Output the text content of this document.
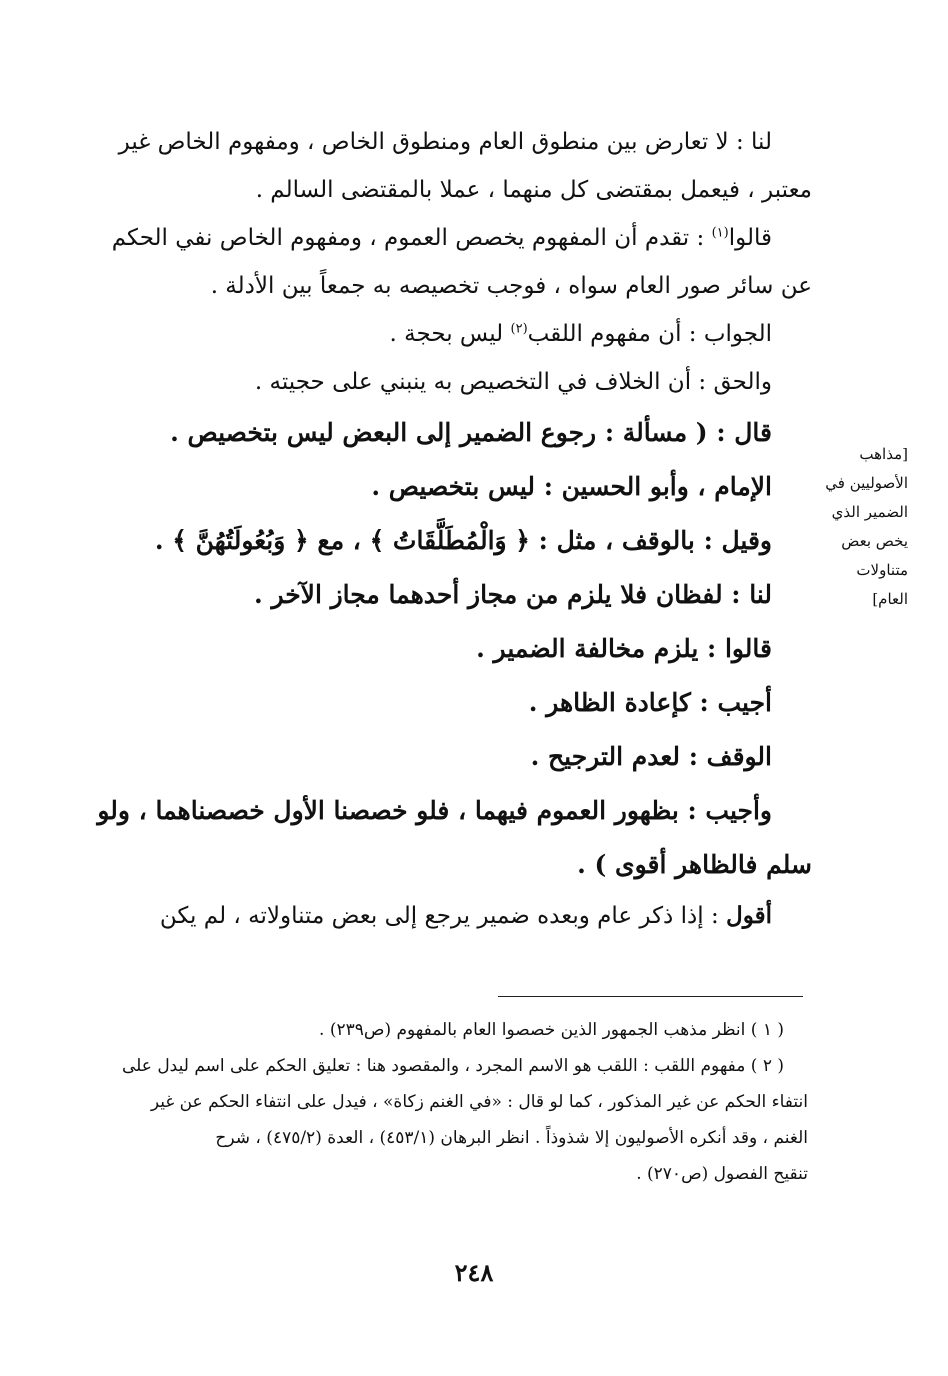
[مذاهب
الأصوليين في
الضمير الذي
يخص بعض
متناولات
العام]
لنا : لا تعارض بين منطوق العام ومنطوق الخاص ، ومفهوم الخاص غير
معتبر ، فيعمل بمقتضى كل منهما ، عملا بالمقتضى السالم .
قالوا$^{(١)}$ : تقدم أن المفهوم يخصص العموم ، ومفهوم الخاص نفي الحكم
عن سائر صور العام سواه ، فوجب تخصيصه به جمعاً بين الأدلة .
الجواب : أن مفهوم اللقب$^{(٢)}$ ليس بحجة .
والحق : أن الخلاف في التخصيص به ينبني على حجيته .
قال : ( مسألة : رجوع الضمير إلى البعض ليس بتخصيص .
الإمام ، وأبو الحسين : ليس بتخصيص .
وقيل : بالوقف ، مثل : ﴿ وَالْمُطَلَّقَاتُ ﴾ ، مع ﴿ وَبُعُولَتُهُنَّ ﴾ .
لنا : لفظان فلا يلزم من مجاز أحدهما مجاز الآخر .
قالوا : يلزم مخالفة الضمير .
أجيب : كإعادة الظاهر .
الوقف : لعدم الترجيح .
وأجيب : بظهور العموم فيهما ، فلو خصصنا الأول خصصناهما ، ولو
سلم فالظاهر أقوى ) .
أقول : إذا ذكر عام وبعده ضمير يرجع إلى بعض متناولاته ، لم يكن
( ١ ) انظر مذهب الجمهور الذين خصصوا العام بالمفهوم (ص٢٣٩) .
( ٢ ) مفهوم اللقب : اللقب هو الاسم المجرد ، والمقصود هنا : تعليق الحكم على اسم ليدل على
انتفاء الحكم عن غير المذكور ، كما لو قال : «في الغنم زكاة» ، فيدل على انتفاء الحكم عن غير
الغنم ، وقد أنكره الأصوليون إلا شذوذاً . انظر البرهان (٤٥٣/١) ، العدة (٤٧٥/٢) ، شرح
تنقيح الفصول (ص٢٧٠) .
٢٤٨
